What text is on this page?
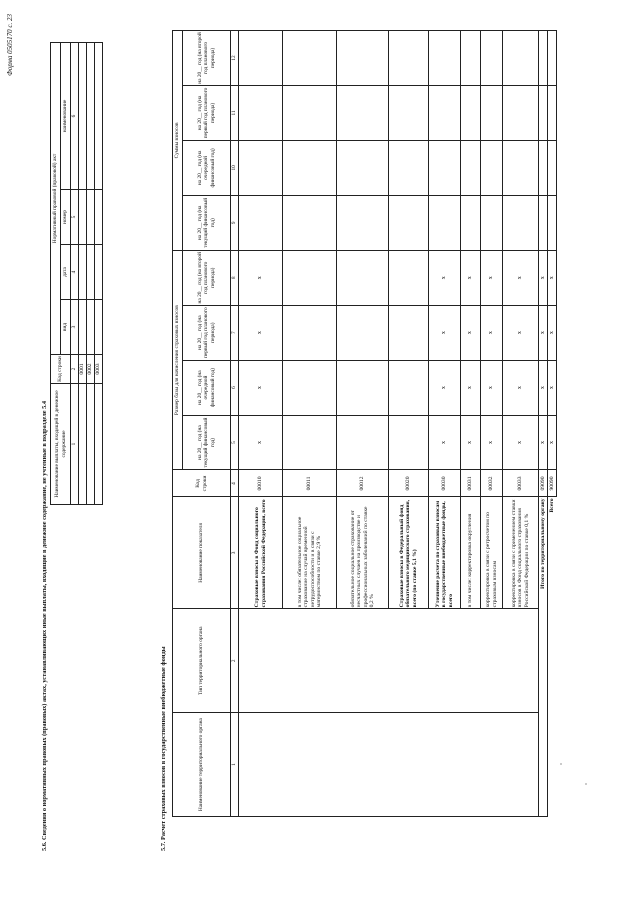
Форма 0505170 с. 23
5.6. Сведения о нормативных правовых (правовых) актах, устанавливающих иные выплаты, входящие в денежное содержание, не учтенные в подразделе 5.4 Наименование выплаты, входящей в денежное содержание	Код строки	Нормативный правовой (правовой) акт			
		вид	дата	номер	наименование
1	2	3	4	5	6
	0001				
	0002				
	0003				
5.7. Расчет страховых взносов в государственные внебюджетные фонды	Наименование территориального органа	Тип территориального органа	Наименование показателя	Код строки	Размер базы для начисления страховых взносов				Суммы взносов			
				на 20__ год (на текущий финансовый год)	на 20__ год (на очередной финансовый год)	на 20__ год (на первый год планового периода)	на 20__ год (на второй год планового периода)	на 20__ год (на текущий финансовый год)	на 20__ год (на очередной финансовый год)	на 20__ год (на первый год планового периода)	на 20__ год (на второй год планового периода)
1	2	3	4	5	6	7	8	9	10	11	12
		Страховые взносы в Фонд социального страхования Российской Федерации, всего	00010	x	x	x	x				
		в том числе: обязательное социальное страхование на случай временной нетрудоспособности и в связи с материнством по ставке 2,9 %	00011								
		обязательное социальное страхование от несчастных случаев на производстве и профессиональных заболеваний по ставке 0,2 %	00012								
		Страховые взносы в Федеральный фонд обязательного медицинского страхования, всего (по ставке 5,1 %)	00020								
		Уточнение расчета по страховым взносам в государственные внебюджетные фонды, всего	00030	x	x	x	x				
		в том числе: корректировка округления	00031	x	x	x	x				
		корректировка в связи с ретросчетом по страховым взносам	00032	x	x	x	x				
		корректировка в связи с применением ставки взносов в Фонд социального страхования Российской Федерации по ставке 0,1 %	00033	x	x	x	x				
Итого по территориальному органу			09090	x	x	x	x				
Всего			90090	x	x	x	x				
